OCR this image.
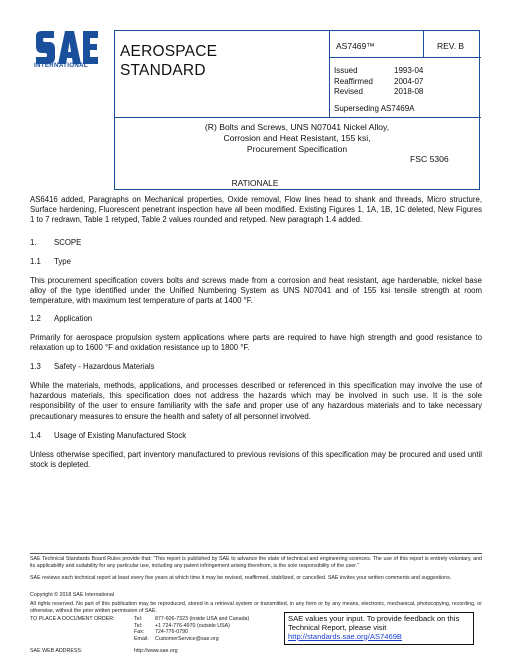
INTERNATIONAL
AEROSPACE
STANDARD
AS7469™	REV. B
Issued	1993-04
Reaffirmed	2004-07
Revised	2018-08
Superseding AS7469A
(R) Bolts and Screws, UNS N07041 Nickel Alloy,
Corrosion and Heat Resistant, 155 ksi,
Procurement Specification
FSC 5306
RATIONALE
AS6416 added, Paragraphs on Mechanical properties, Oxide removal, Flow lines head to shank and threads, Micro structure, Surface hardening, Fluorescent penetrant inspection have all been modified. Existing Figures 1, 1A, 1B, 1C deleted, New Figures 1 to 7 redrawn, Table 1 retyped, Table 2 values rounded and retyped. New paragraph 1.4 added.
1. SCOPE
1.1 Type
This procurement specification covers bolts and screws made from a corrosion and heat resistant, age hardenable, nickel base alloy of the type identified under the Unified Numbering System as UNS N07041 and of 155 ksi tensile strength at room temperature, with maximum test temperature of parts at 1400 °F.
1.2 Application
Primarily for aerospace propulsion system applications where parts are required to have high strength and good resistance to relaxation up to 1600 °F and oxidation resistance up to 1800 °F.
1.3 Safety - Hazardous Materials
While the materials, methods, applications, and processes described or referenced in this specification may involve the use of hazardous materials, this specification does not address the hazards which may be involved in such use. It is the sole responsibility of the user to ensure familiarity with the safe and proper use of any hazardous materials and to take necessary precautionary measures to ensure the health and safety of all personnel involved.
1.4 Usage of Existing Manufactured Stock
Unless otherwise specified, part inventory manufactured to previous revisions of this specification may be procured and used until stock is depleted.
SAE Technical Standards Board Rules provide that: “This report is published by SAE to advance the state of technical and engineering sciences. The use of this report is entirely voluntary, and its applicability and suitability for any particular use, including any patent infringement arising therefrom, is the sole responsibility of the user.”
SAE reviews each technical report at least every five years at which time it may be revised, reaffirmed, stabilized, or cancelled. SAE invites your written comments and suggestions.
Copyright © 2018 SAE International
All rights reserved. No part of this publication may be reproduced, stored in a retrieval system or transmitted, in any form or by any means, electronic, mechanical, photocopying, recording, or otherwise, without the prior written permission of SAE.
TO PLACE A DOCUMENT ORDER:	Tel: 877-606-7323 (inside USA and Canada)
Tel: +1 724-776-4970 (outside USA)
Fax: 724-776-0790
Email: CustomerService@sae.org
SAE WEB ADDRESS:	http://www.sae.org
SAE values your input. To provide feedback on this Technical Report, please visit
http://standards.sae.org/AS7469B
